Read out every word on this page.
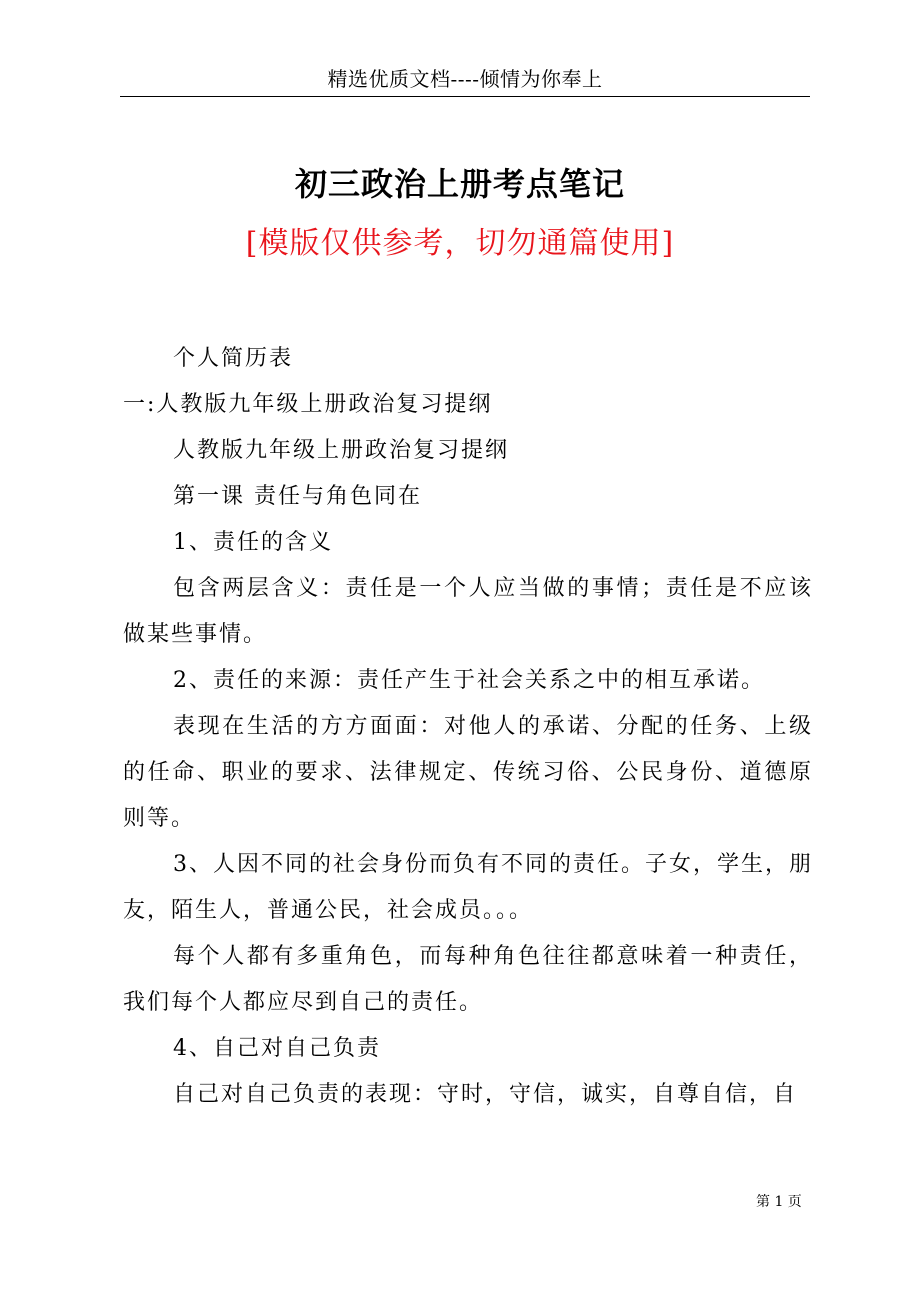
精选优质文档----倾情为你奉上
初三政治上册考点笔记
[模版仅供参考，切勿通篇使用]

个人简历表

一:人教版九年级上册政治复习提纲

人教版九年级上册政治复习提纲

第一课 责任与角色同在

1、责任的含义

包含两层含义：责任是一个人应当做的事情；责任是不应该做某些事情。

2、责任的来源：责任产生于社会关系之中的相互承诺。

表现在生活的方方面面：对他人的承诺、分配的任务、上级的任命、职业的要求、法律规定、传统习俗、公民身份、道德原则等。

3、人因不同的社会身份而负有不同的责任。子女，学生，朋友，陌生人，普通公民，社会成员。。。

每个人都有多重角色，而每种角色往往都意味着一种责任，我们每个人都应尽到自己的责任。

4、自己对自己负责

自己对自己负责的表现：守时，守信，诚实，自尊自信，自

第 1 页
